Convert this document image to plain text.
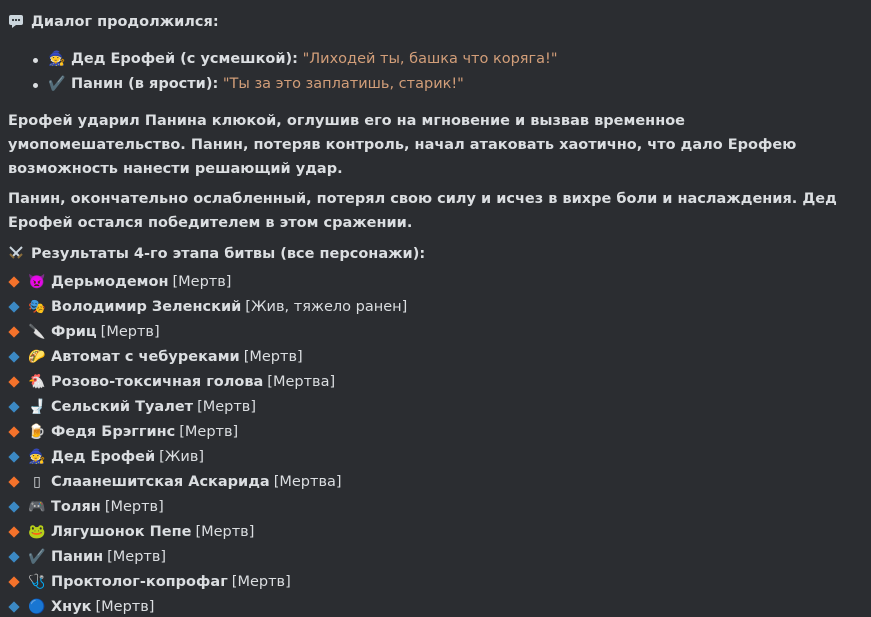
Диалог продолжился:
🧙 Дед Ерофей (с усмешкой): "Лиходей ты, башка что коряга!"
✔️ Панин (в ярости): "Ты за это заплатишь, старик!"
Ерофей ударил Панина клюкой, оглушив его на мгновение и вызвав временное умопомешательство. Панин, потеряв контроль, начал атаковать хаотично, что дало Ерофею возможность нанести решающий удар.
Панин, окончательно ослабленный, потерял свою силу и исчез в вихре боли и наслаждения. Дед Ерофей остался победителем в этом сражении.
Результаты 4-го этапа битвы (все персонажи):
👿 Дерьмодемон [Мертв]
🎭 Володимир Зеленский [Жив, тяжело ранен]
🔪 Фриц [Мертв]
🌮 Автомат с чебуреками [Мертв]
🐔 Розово-токсичная голова [Мертва]
🚽 Сельский Туалет [Мертв]
🍺 Федя Брэггинс [Мертв]
🧙 Дед Ерофей [Жив]
▯ Слаанешитская Аскарида [Мертва]
🎮 Толян [Мертв]
🐸 Лягушонок Пепе [Мертв]
✔️ Панин [Мертв]
🩺 Проктолог-копрофаг [Мертв]
🔵 Хнук [Мертв]
